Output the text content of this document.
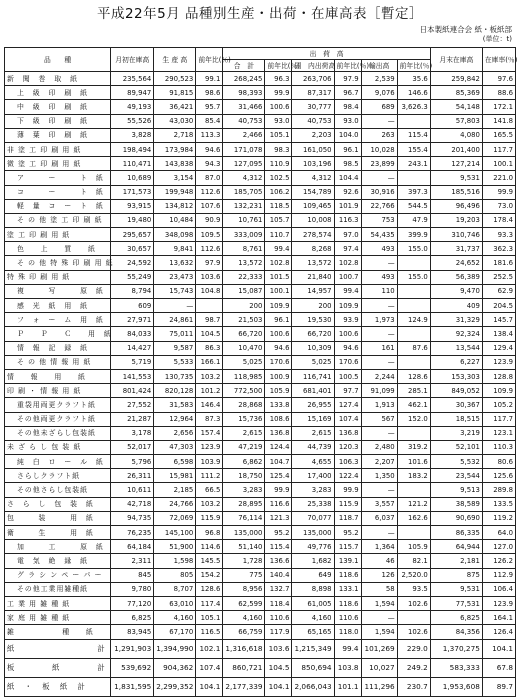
平成22年5月 品種別生産・出荷・在庫高表［暫定］
日本製紙連合会 紙・板紙部
(単位：t)
品　　種	月初在庫高	生 産 高	前年比(％)	出　荷　高						月末在庫高	在庫率(％)
				合　計	前年比(％)	国　内出荷高	前年比(％)	輸出高	前年比(％)		

新　聞　巻　取　紙	235,564	290,523	99.1	268,245	96.3	263,706	97.9	2,539	35.6	259,842	97.6
上　級　印　刷　紙	89,947	91,815	98.6	98,393	99.9	87,317	96.7	9,076	146.6	85,369	88.6
中　級　印　刷　紙	49,193	36,421	95.7	31,466	100.6	30,777	98.4	689	3,626.3	54,148	172.1
下　級　印　刷　紙	55,526	43,030	85.4	40,753	93.0	40,753	93.0	—		57,803	141.8
薄　葉　印　刷　紙	3,828	2,718	113.3	2,466	105.1	2,203	104.0	263	115.4	4,080	165.5
非 塗 工 印 刷 用 紙	198,494	173,984	94.6	171,078	98.3	161,050	96.1	10,028	155.4	201,400	117.7
微 塗 工 印 刷 用 紙	110,471	143,838	94.3	127,095	110.9	103,196	98.5	23,899	243.1	127,214	100.1
ア　　　ー　　　ト　紙	10,689	3,154	87.0	4,312	102.5	4,312	104.4	—		9,531	221.0
コ　　　ー　　　ト　紙	171,573	199,948	112.6	185,705	106.2	154,789	92.6	30,916	397.3	185,516	99.9
軽　量　コ　ー　ト　紙	93,915	134,812	107.6	132,231	118.5	109,465	101.9	22,766	544.5	96,496	73.0
そ の 他 塗 工 印 刷 紙	19,480	10,484	90.9	10,761	105.7	10,008	116.3	753	47.9	19,203	178.4
塗 工 印 刷 用 紙	295,657	348,098	109.5	333,009	110.7	278,574	97.0	54,435	399.9	310,746	93.3
色　　上　　質　　紙	30,657	9,841	112.6	8,761	99.4	8,268	97.4	493	155.0	31,737	362.3
そ の 他 特 殊 印 刷 用 紙	24,592	13,632	97.9	13,572	102.8	13,572	102.8	—		24,652	181.6
特 殊 印 刷 用 紙	55,249	23,473	103.6	22,333	101.5	21,840	100.7	493	155.0	56,389	252.5
複　　　写　　　原　紙	8,794	15,743	104.8	15,087	100.1	14,957	99.4	110		9,470	62.9
感　光　紙　用　紙	609	—		200	109.9	200	109.9	—		409	204.5
フ　ォ　ー　ム　用　紙	27,971	24,861	98.7	21,503	96.1	19,530	93.9	1,973	124.9	31,329	145.7
Ｐ　　Ｐ　　Ｃ　　用　紙	84,033	75,011	104.5	66,720	100.6	66,720	100.6	—		92,324	138.4
情　報　記　録　紙	14,427	9,587	86.3	10,470	94.6	10,309	94.6	161	87.6	13,544	129.4
そ の 他 情 報 用 紙	5,719	5,533	166.1	5,025	170.6	5,025	170.6	—		6,227	123.9
情　　報　　用　　紙	141,553	130,735	103.2	118,985	100.9	116,741	100.5	2,244	128.6	153,303	128.8
印 刷 ・ 情 報 用 紙	801,424	820,128	101.2	772,500	105.9	681,401	97.7	91,099	285.1	849,052	109.9
重袋用両更クラフト紙	27,552	31,583	146.4	28,868	133.8	26,955	127.4	1,913	462.1	30,367	105.2
その他両更クラフト紙	21,287	12,964	87.3	15,736	108.6	15,169	107.4	567	152.0	18,515	117.7
その他未ざらし包装紙	3,178	2,656	157.4	2,615	136.8	2,615	136.8	—		3,219	123.1
未 ざ ら し 包 装 紙	52,017	47,303	123.9	47,219	124.4	44,739	120.3	2,480	319.2	52,101	110.3
純　白　ロ　ー　ル　紙	5,796	6,598	103.9	6,862	104.7	4,655	106.3	2,207	101.6	5,532	80.6
さらしクラフト紙	26,311	15,981	111.2	18,750	125.4	17,400	122.4	1,350	183.2	23,544	125.6
その他さらし包装紙	10,611	2,185	66.5	3,283	99.9	3,283	99.9	—		9,513	289.8
さ　ら　し　包　装　紙	42,718	24,766	103.2	28,895	116.6	25,338	115.9	3,557	121.2	38,589	133.5
包　　　装　　　用　紙	94,735	72,069	115.9	76,114	121.3	70,077	118.7	6,037	162.6	90,690	119.2
衛　　　生　　　用　紙	76,235	145,100	96.8	135,000	95.2	135,000	95.2	—		86,335	64.0
加　　　工　　　原　紙	64,184	51,900	114.6	51,140	115.4	49,776	115.7	1,364	105.9	64,944	127.0
電　気　絶　縁　紙	2,311	1,598	145.5	1,728	136.6	1,682	139.1	46	82.1	2,181	126.2
グ ラ シ ン ペ ー パ ー	845	805	154.2	775	140.4	649	118.6	126	2,520.0	875	112.9
その他工業用雑種紙	9,780	8,707	128.6	8,956	132.7	8,898	133.1	58	93.5	9,531	106.4
工 業 用 雑 種 紙	77,120	63,010	117.4	62,599	118.4	61,005	118.6	1,594	102.6	77,531	123.9
家 庭 用 雑 種 紙	6,825	4,160	105.1	4,160	110.6	4,160	110.6	—		6,825	164.1
雑　　　　　　種　　紙	83,945	67,170	116.5	66,759	117.9	65,165	118.0	1,594	102.6	84,356	126.4
紙　　　　　　　計	1,291,903	1,394,990	102.1	1,316,618	103.6	1,215,349	99.4	101,269	229.0	1,370,275	104.1
板　　　紙　　　計	539,692	904,362	107.4	860,721	104.5	850,694	103.8	10,027	249.2	583,333	67.8
紙 ・ 板 紙 計	1,831,595	2,299,352	104.1	2,177,339	104.1	2,066,043	101.1	111,296	230.7	1,953,608	89.7
